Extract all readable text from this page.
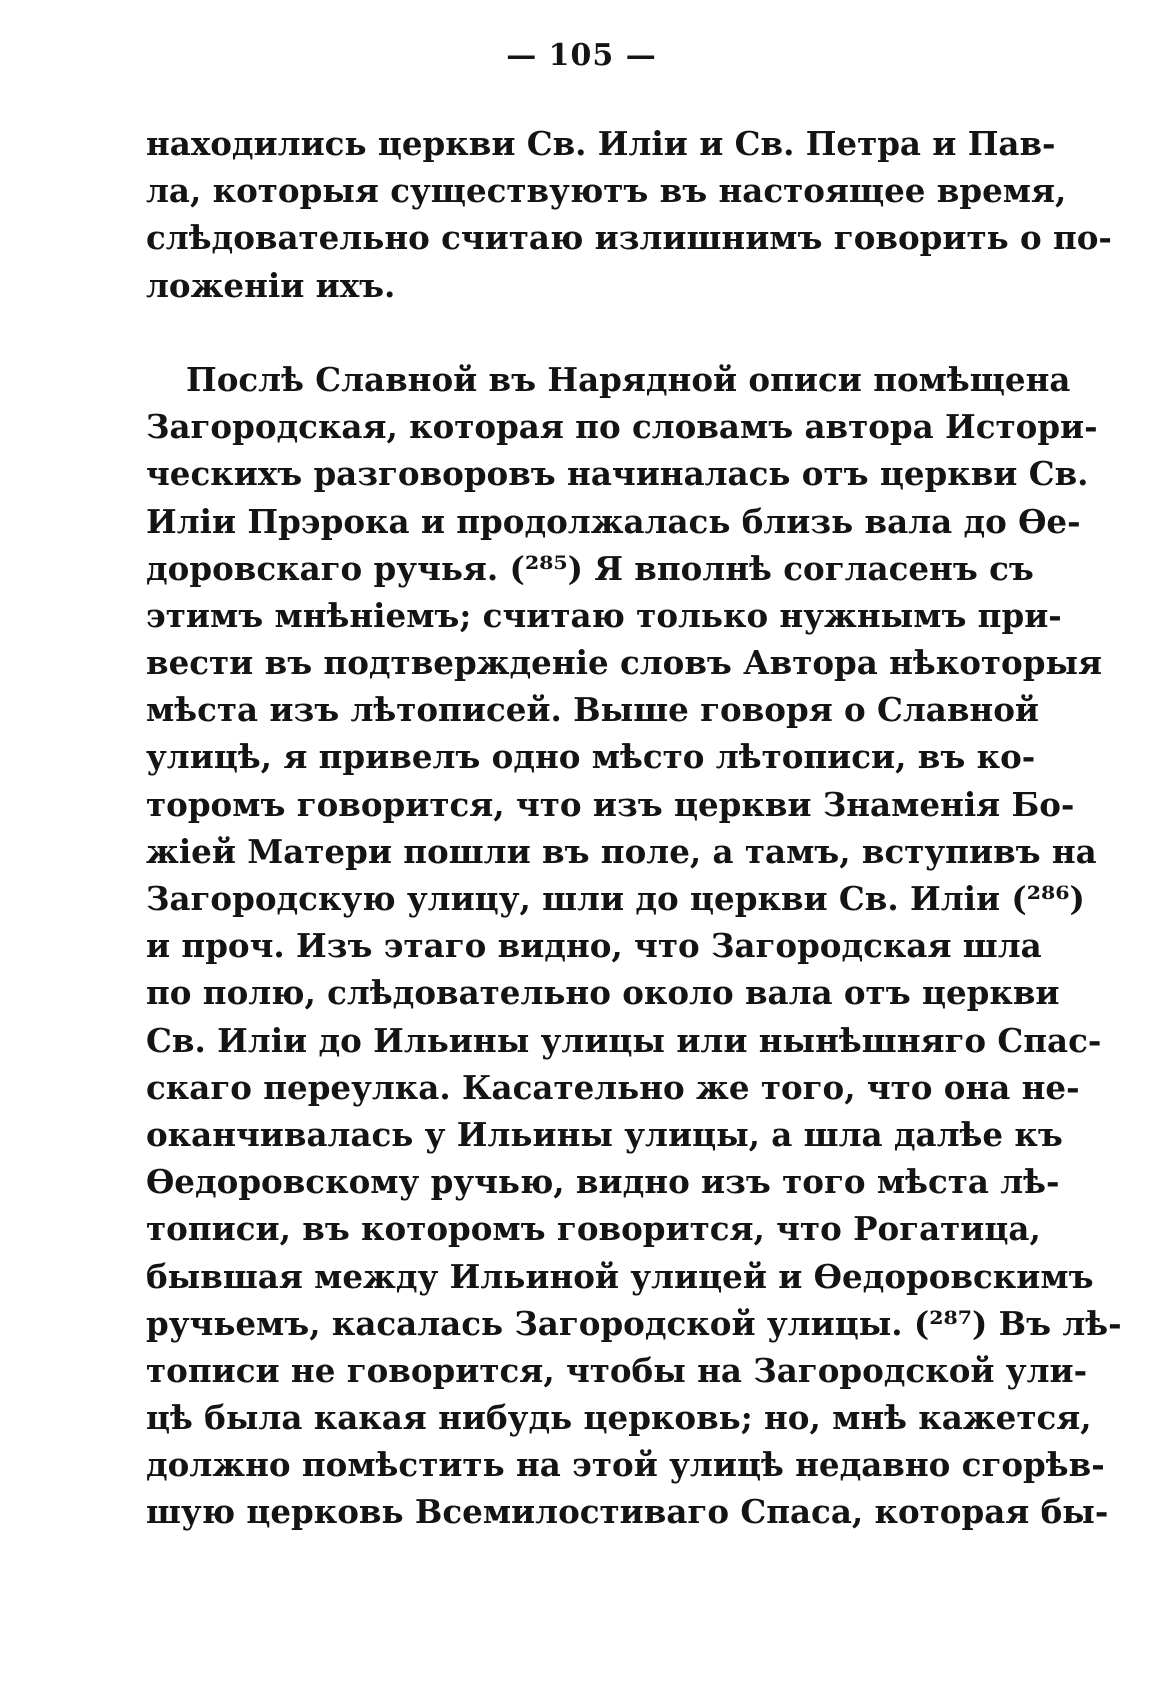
— 105 —
находились церкви Св. Иліи и Св. Петра и Пав-
ла, которыя существуютъ въ настоящее время,
слѣдовательно считаю излишнимъ говорить о по-
ложеніи ихъ.
Послѣ Славной въ Нарядной описи помѣщена
Загородская, которая по словамъ автора Истори-
ческихъ разговоровъ начиналась отъ церкви Св.
Иліи Прэрока и продолжалась близь вала до Ѳе-
доровскаго ручья. (²⁸⁵) Я вполнѣ согласенъ съ
этимъ мнѣніемъ; считаю только нужнымъ при-
вести въ подтвержденіе словъ Автора нѣкоторыя
мѣста изъ лѣтописей. Выше говоря о Славной
улицѣ, я привелъ одно мѣсто лѣтописи, въ ко-
торомъ говорится, что изъ церкви Знаменія Бо-
жіей Матери пошли въ поле, а тамъ, вступивъ на
Загородскую улицу, шли до церкви Св. Иліи (²⁸⁶)
и проч. Изъ этаго видно, что Загородская шла
по полю, слѣдовательно около вала отъ церкви
Св. Иліи до Ильины улицы или нынѣшняго Спас-
скаго переулка. Касательно же того, что она не-
оканчивалась у Ильины улицы, а шла далѣе къ
Ѳедоровскому ручью, видно изъ того мѣста лѣ-
тописи, въ которомъ говорится, что Рогатица,
бывшая между Ильиной улицей и Ѳедоровскимъ
ручьемъ, касалась Загородской улицы. (²⁸⁷) Въ лѣ-
тописи не говорится, чтобы на Загородской ули-
цѣ была какая нибудь церковь; но, мнѣ кажется,
должно помѣстить на этой улицѣ недавно сгорѣв-
шую церковь Всемилостиваго Спаса, которая бы-
